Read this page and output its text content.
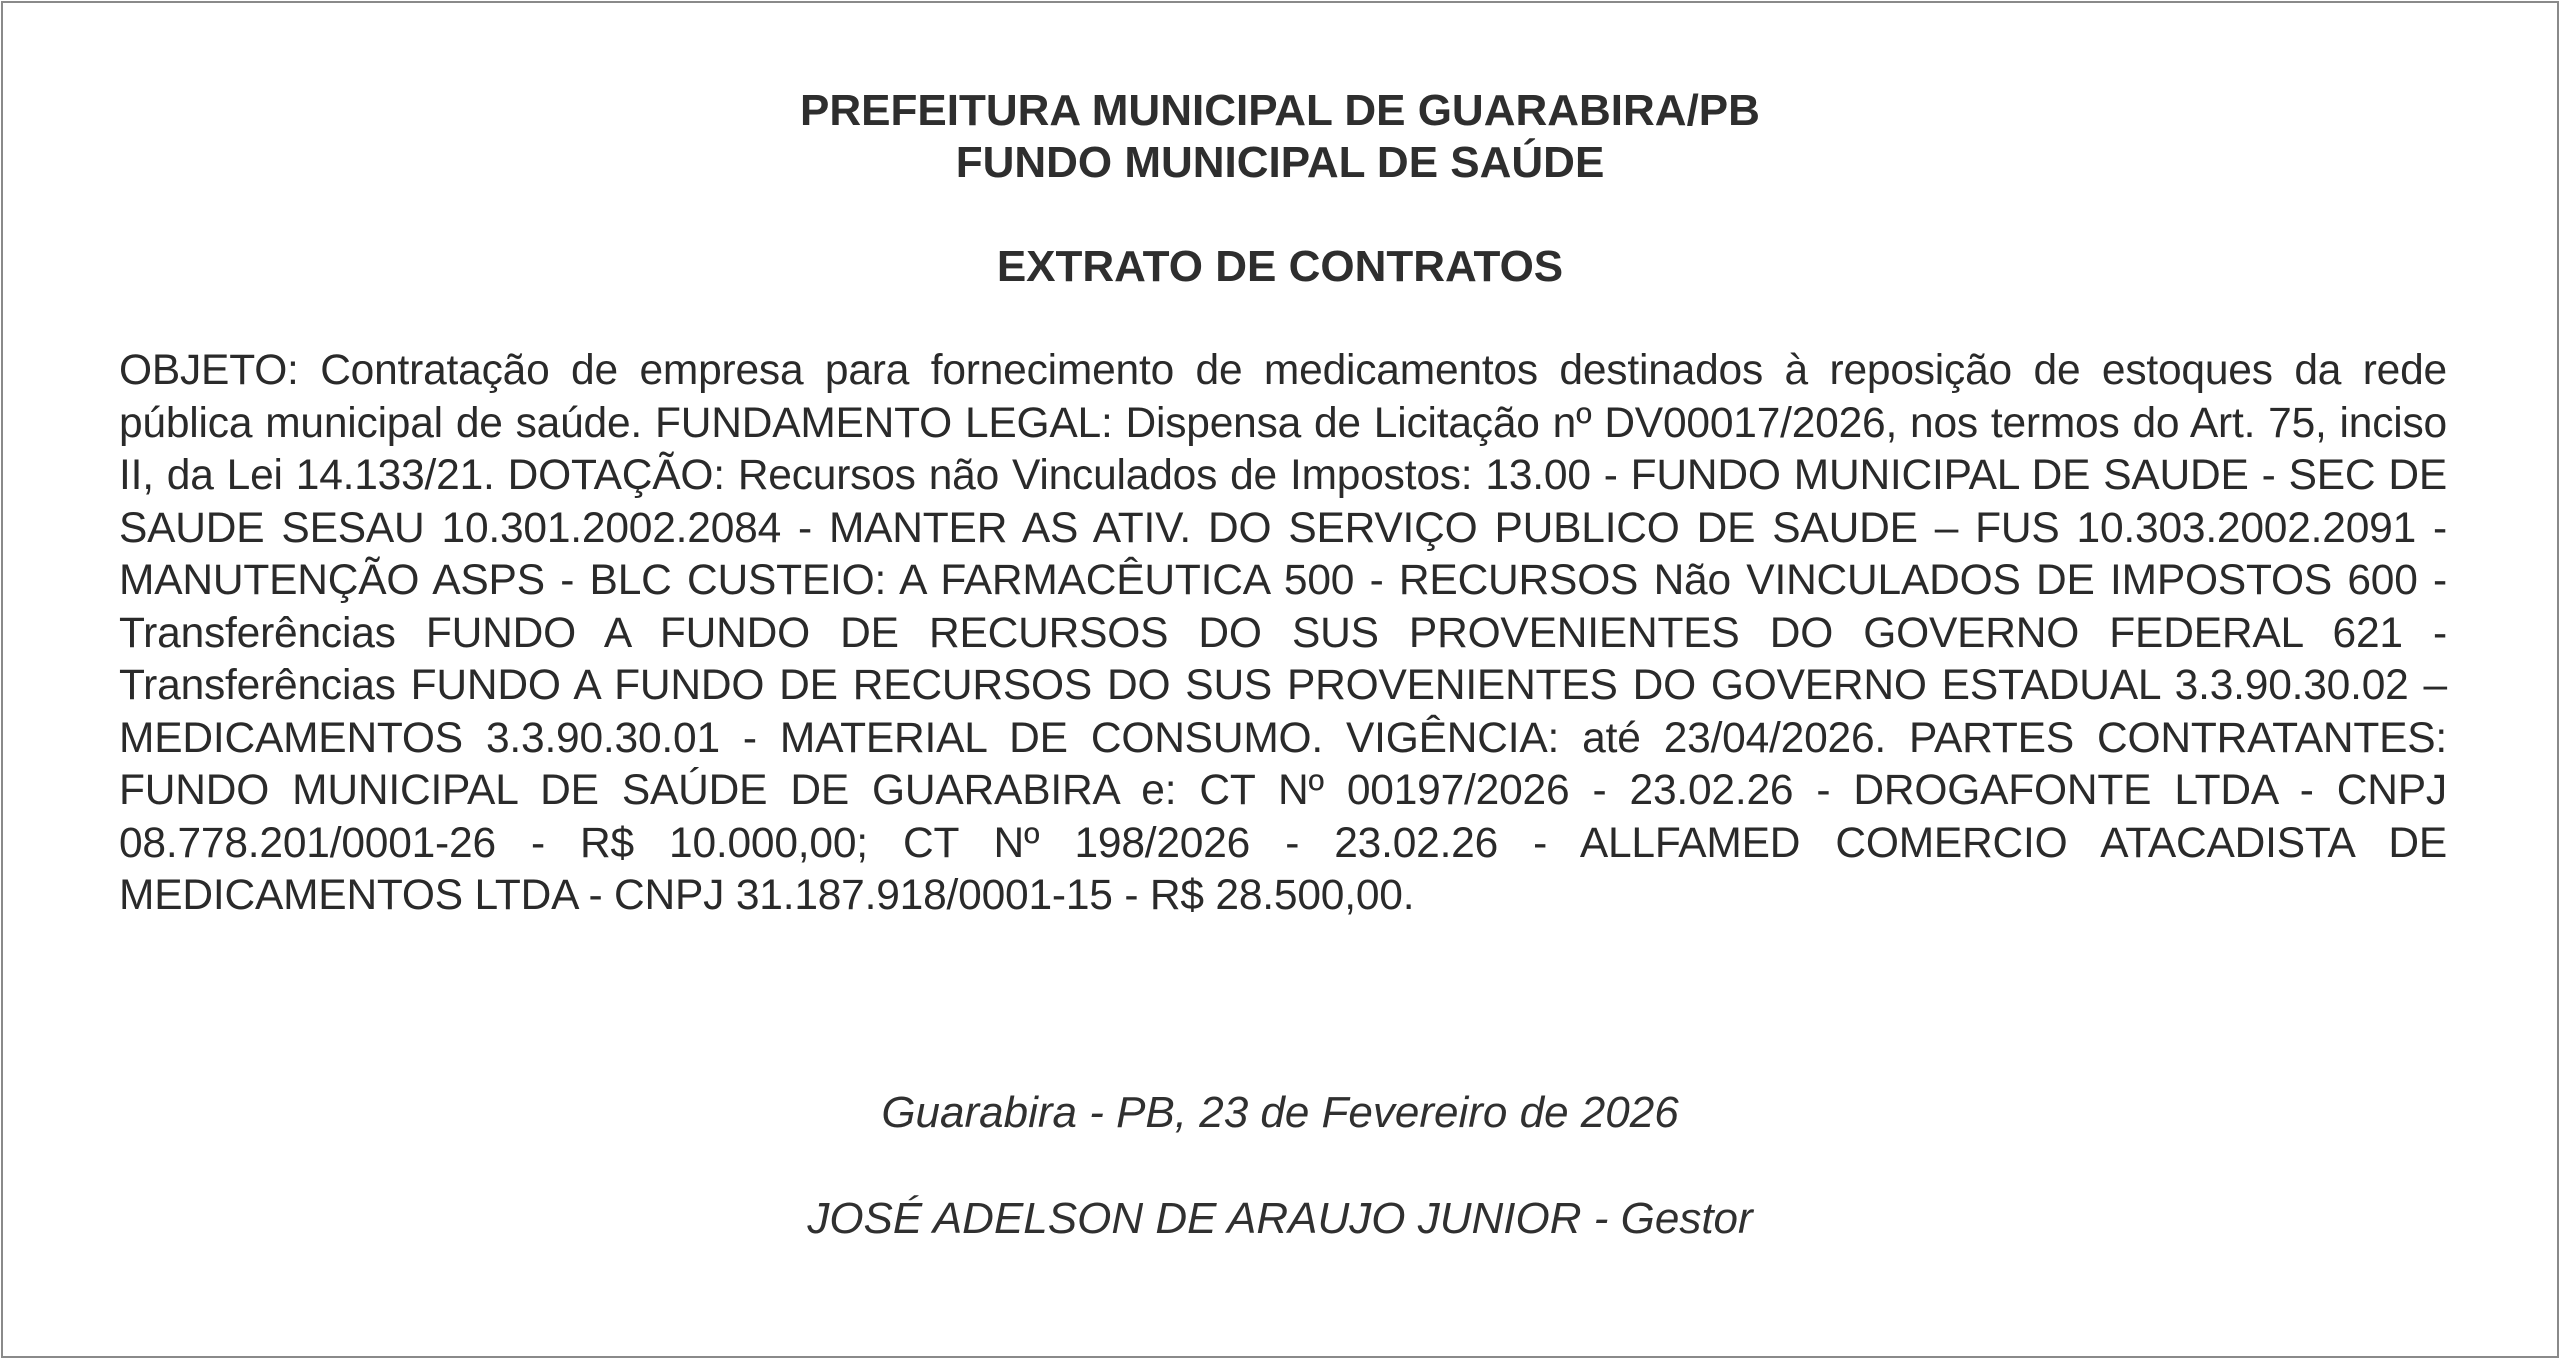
PREFEITURA MUNICIPAL DE GUARABIRA/PB
FUNDO MUNICIPAL DE SAÚDE
EXTRATO DE CONTRATOS
OBJETO: Contratação de empresa para fornecimento de medicamentos destinados à reposição de estoques da rede pública municipal de saúde. FUNDAMENTO LEGAL: Dispensa de Licitação nº DV00017/2026, nos termos do Art. 75, inciso II, da Lei 14.133/21. DOTAÇÃO: Recursos não Vinculados de Impostos: 13.00 - FUNDO MUNICIPAL DE SAUDE - SEC DE SAUDE SESAU 10.301.2002.2084 - MANTER AS ATIV. DO SERVIÇO PUBLICO DE SAUDE – FUS 10.303.2002.2091 - MANUTENÇÃO ASPS - BLC CUSTEIO: A FARMACÊUTICA 500 - RECURSOS Não VINCULADOS DE IMPOSTOS 600 - Transferências FUNDO A FUNDO DE RECURSOS DO SUS PROVENIENTES DO GOVERNO FEDERAL 621 - Transferências FUNDO A FUNDO DE RECURSOS DO SUS PROVENIENTES DO GOVERNO ESTADUAL 3.3.90.30.02 – MEDICAMENTOS 3.3.90.30.01 - MATERIAL DE CONSUMO. VIGÊNCIA: até 23/04/2026. PARTES CONTRATANTES: FUNDO MUNICIPAL DE SAÚDE DE GUARABIRA e: CT Nº 00197/2026 - 23.02.26 - DROGAFONTE LTDA - CNPJ 08.778.201/0001-26 - R$ 10.000,00; CT Nº 198/2026 - 23.02.26 - ALLFAMED COMERCIO ATACADISTA DE MEDICAMENTOS LTDA - CNPJ 31.187.918/0001-15 - R$ 28.500,00.
Guarabira - PB, 23 de Fevereiro de 2026
JOSÉ ADELSON DE ARAUJO JUNIOR - Gestor
